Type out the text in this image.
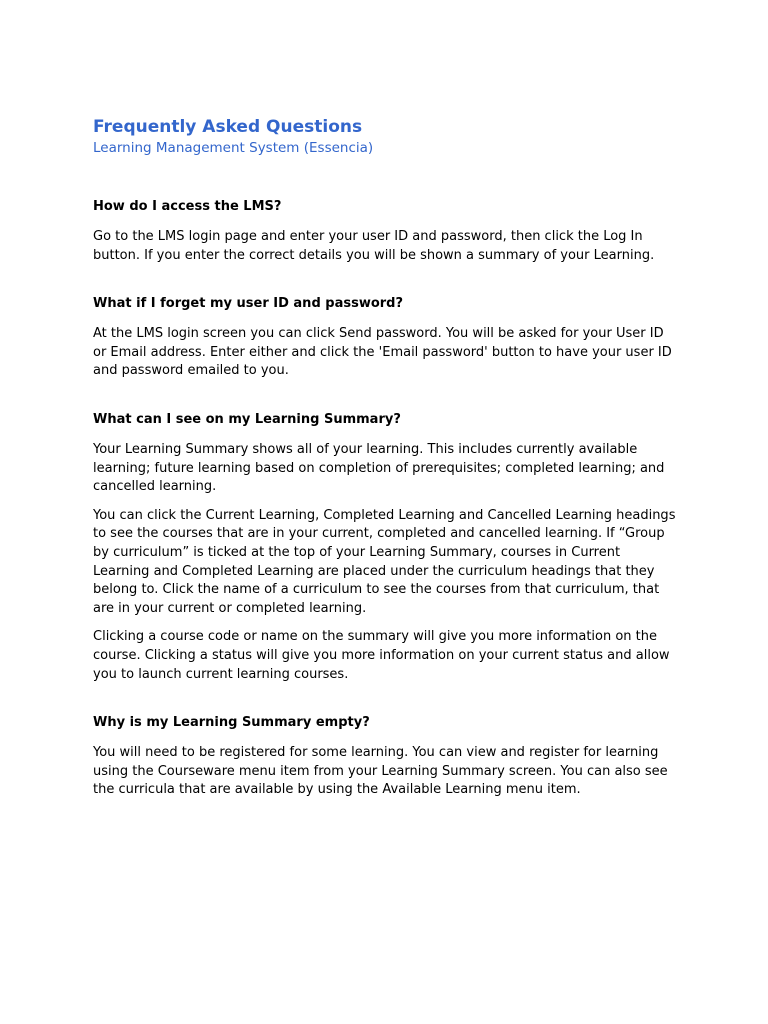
Frequently Asked Questions
Learning Management System (Essencia)
How do I access the LMS?

Go to the LMS login page and enter your user ID and password, then click the Log In button. If you enter the correct details you will be shown a summary of your Learning.

What if I forget my user ID and password?

At the LMS login screen you can click Send password. You will be asked for your User ID or Email address. Enter either and click the 'Email password' button to have your user ID and password emailed to you.

What can I see on my Learning Summary?

Your Learning Summary shows all of your learning. This includes currently available learning; future learning based on completion of prerequisites; completed learning; and cancelled learning.

You can click the Current Learning, Completed Learning and Cancelled Learning headings to see the courses that are in your current, completed and cancelled learning. If “Group by curriculum” is ticked at the top of your Learning Summary, courses in Current Learning and Completed Learning are placed under the curriculum headings that they belong to. Click the name of a curriculum to see the courses from that curriculum, that are in your current or completed learning.

Clicking a course code or name on the summary will give you more information on the course. Clicking a status will give you more information on your current status and allow you to launch current learning courses.

Why is my Learning Summary empty?

You will need to be registered for some learning. You can view and register for learning using the Courseware menu item from your Learning Summary screen. You can also see the curricula that are available by using the Available Learning menu item.
